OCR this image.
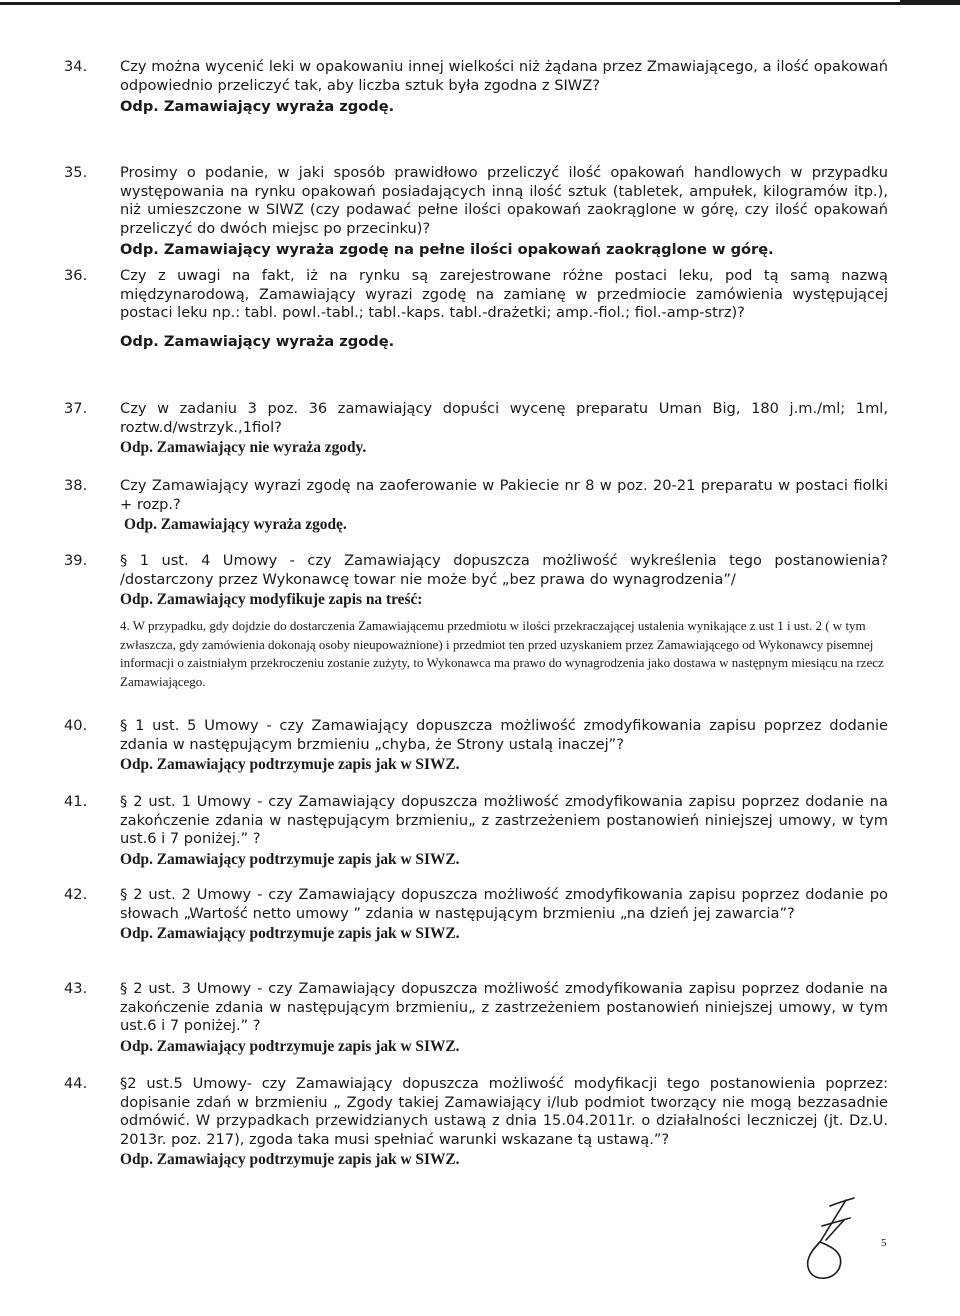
34. Czy można wycenić leki w opakowaniu innej wielkości niż żądana przez Zmawiającego, a ilość opakowań odpowiednio przeliczyć tak, aby liczba sztuk była zgodna z SIWZ?
Odp. Zamawiający wyraża zgodę.
35. Prosimy o podanie, w jaki sposób prawidłowo przeliczyć ilość opakowań handlowych w przypadku występowania na rynku opakowań posiadających inną ilość sztuk (tabletek, ampułek, kilogramów itp.), niż umieszczone w SIWZ (czy podawać pełne ilości opakowań zaokrąglone w górę, czy ilość opakowań przeliczyć do dwóch miejsc po przecinku)?
Odp. Zamawiający wyraża zgodę na pełne ilości opakowań zaokrąglone w górę.
36. Czy z uwagi na fakt, iż na rynku są zarejestrowane różne postaci leku, pod tą samą nazwą międzynarodową, Zamawiający wyrazi zgodę na zamianę w przedmiocie zamówienia występującej postaci leku np.: tabl. powl.-tabl.; tabl.-kaps. tabl.-drażetki; amp.-fiol.; fiol.-amp-strz)?
Odp. Zamawiający wyraża zgodę.
37. Czy w zadaniu 3 poz. 36 zamawiający dopuści wycenę preparatu Uman Big, 180 j.m./ml; 1ml, roztw.d/wstrzyk.,1fiol?
Odp. Zamawiający nie wyraża zgody.
38. Czy Zamawiający wyrazi zgodę na zaoferowanie w Pakiecie nr 8 w poz. 20-21 preparatu w postaci fiolki + rozp.?
Odp. Zamawiający wyraża zgodę.
39. § 1 ust. 4 Umowy - czy Zamawiający dopuszcza możliwość wykreślenia tego postanowienia? /dostarczony przez Wykonawcę towar nie może być „bez prawa do wynagrodzenia”/
Odp. Zamawiający modyfikuje zapis na treść:
4. W przypadku, gdy dojdzie do dostarczenia Zamawiającemu przedmiotu w ilości przekraczającej ustalenia wynikające z ust 1 i ust. 2 ( w tym zwłaszcza, gdy zamówienia dokonają osoby nieupoważnione) i przedmiot ten przed uzyskaniem przez Zamawiającego od Wykonawcy pisemnej informacji o zaistniałym przekroczeniu zostanie zużyty, to Wykonawca ma prawo do wynagrodzenia jako dostawa w następnym miesiącu na rzecz Zamawiającego.
40. § 1 ust. 5 Umowy - czy Zamawiający dopuszcza możliwość zmodyfikowania zapisu poprzez dodanie zdania w następującym brzmieniu „chyba, że Strony ustalą inaczej”?
Odp. Zamawiający podtrzymuje zapis jak w SIWZ.
41. § 2 ust. 1 Umowy - czy Zamawiający dopuszcza możliwość zmodyfikowania zapisu poprzez dodanie na zakończenie zdania w następującym brzmieniu„ z zastrzeżeniem postanowień niniejszej umowy, w tym ust.6 i 7 poniżej.” ?
Odp. Zamawiający podtrzymuje zapis jak w SIWZ.
42. § 2 ust. 2 Umowy - czy Zamawiający dopuszcza możliwość zmodyfikowania zapisu poprzez dodanie po słowach „Wartość netto umowy ” zdania w następującym brzmieniu „na dzień jej zawarcia”?
Odp. Zamawiający podtrzymuje zapis jak w SIWZ.
43. § 2 ust. 3 Umowy - czy Zamawiający dopuszcza możliwość zmodyfikowania zapisu poprzez dodanie na zakończenie zdania w następującym brzmieniu„ z zastrzeżeniem postanowień niniejszej umowy, w tym ust.6 i 7 poniżej.” ?
Odp. Zamawiający podtrzymuje zapis jak w SIWZ.
44. §2 ust.5 Umowy- czy Zamawiający dopuszcza możliwość modyfikacji tego postanowienia poprzez: dopisanie zdań w brzmieniu „ Zgody takiej Zamawiający i/lub podmiot tworzący nie mogą bezzasadnie odmówić. W przypadkach przewidzianych ustawą z dnia 15.04.2011r. o działalności leczniczej (jt. Dz.U. 2013r. poz. 217), zgoda taka musi spełniać warunki wskazane tą ustawą.”?
Odp. Zamawiający podtrzymuje zapis jak w SIWZ.
5
